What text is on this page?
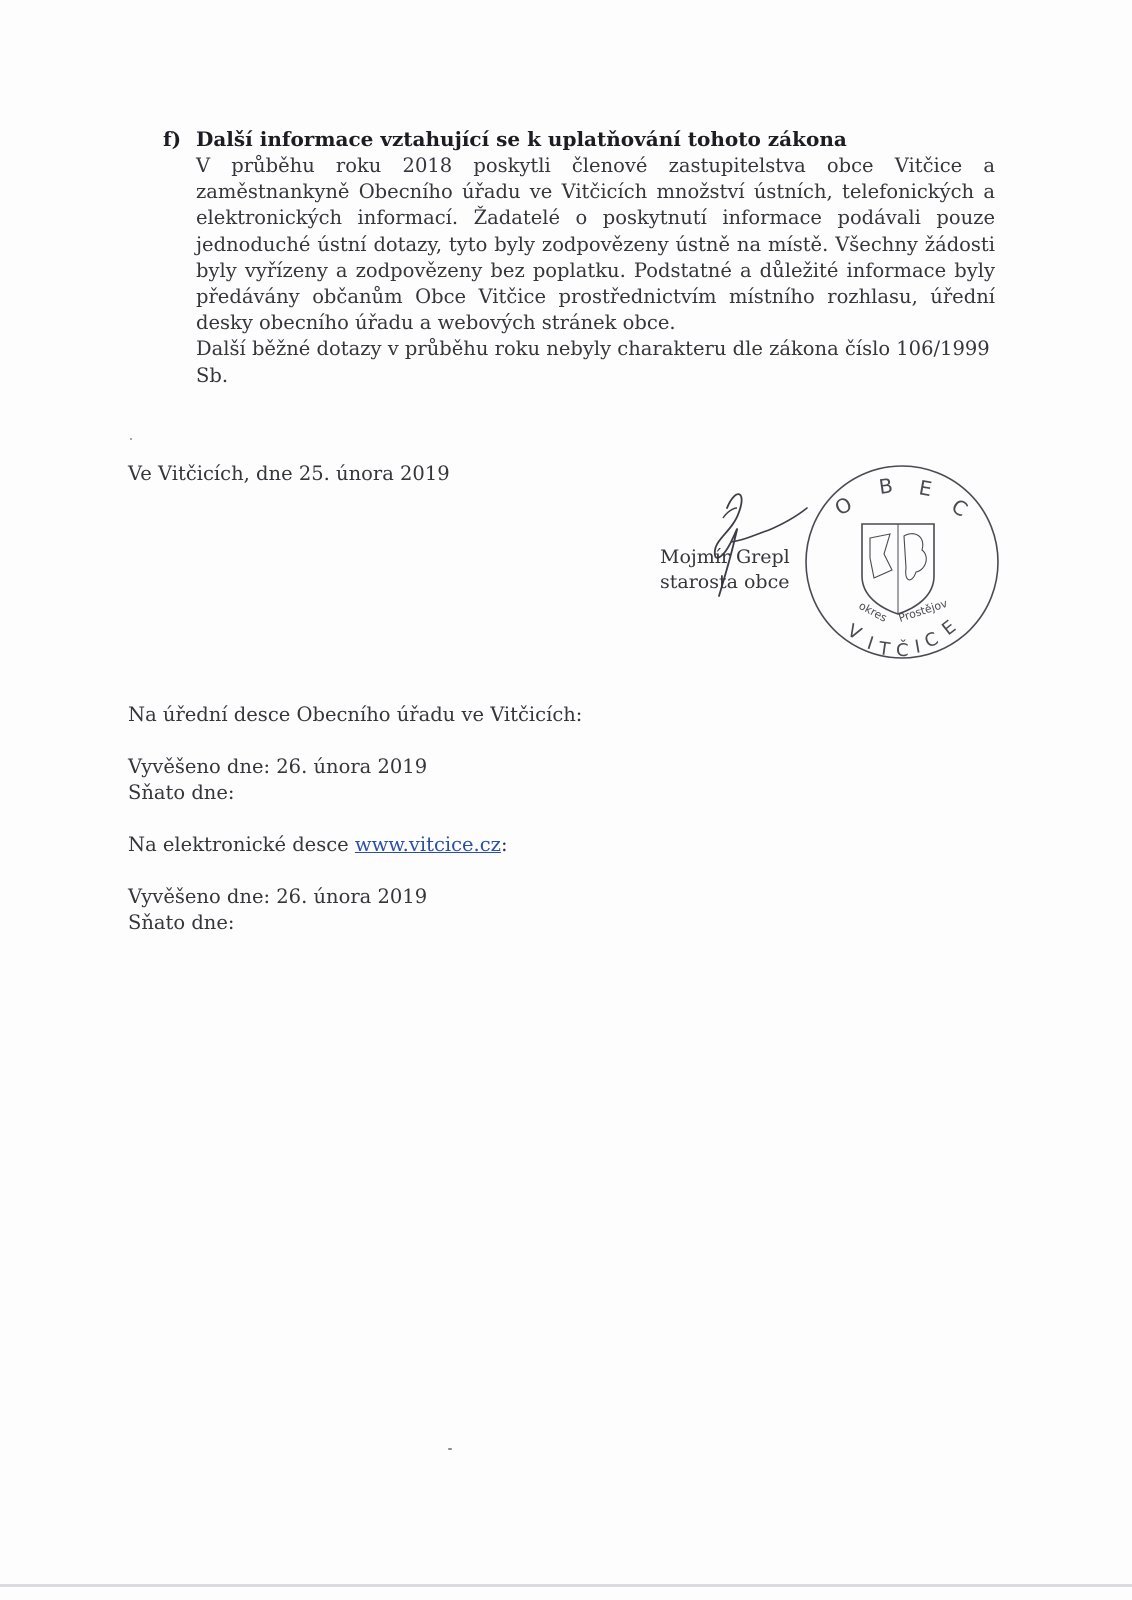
f) Další informace vztahující se k uplatňování tohoto zákona

V průběhu roku 2018 poskytli členové zastupitelstva obce Vitčice a zaměstnankyně Obecního úřadu ve Vitčicích množství ústních, telefonických a elektronických informací. Žadatelé o poskytnutí informace podávali pouze jednoduché ústní dotazy, tyto byly zodpovězeny ústně na místě. Všechny žádosti byly vyřízeny a zodpovězeny bez poplatku. Podstatné a důležité informace byly předávány občanům Obce Vitčice prostřednictvím místního rozhlasu, úřední desky obecního úřadu a webových stránek obce.

Další běžné dotazy v průběhu roku nebyly charakteru dle zákona číslo 106/1999 Sb.

Ve Vitčicích, dne 25. února 2019
Mojmír Grepl
starosta obce
O
B E
C
okres Prostějov
V I T Č I C
E

Na úřední desce Obecního úřadu ve Vitčicích:

Vyvěšeno dne: 26. února 2019

Sňato dne:

Na elektronické desce www.vitcice.cz:

Vyvěšeno dne: 26. února 2019

Sňato dne:
